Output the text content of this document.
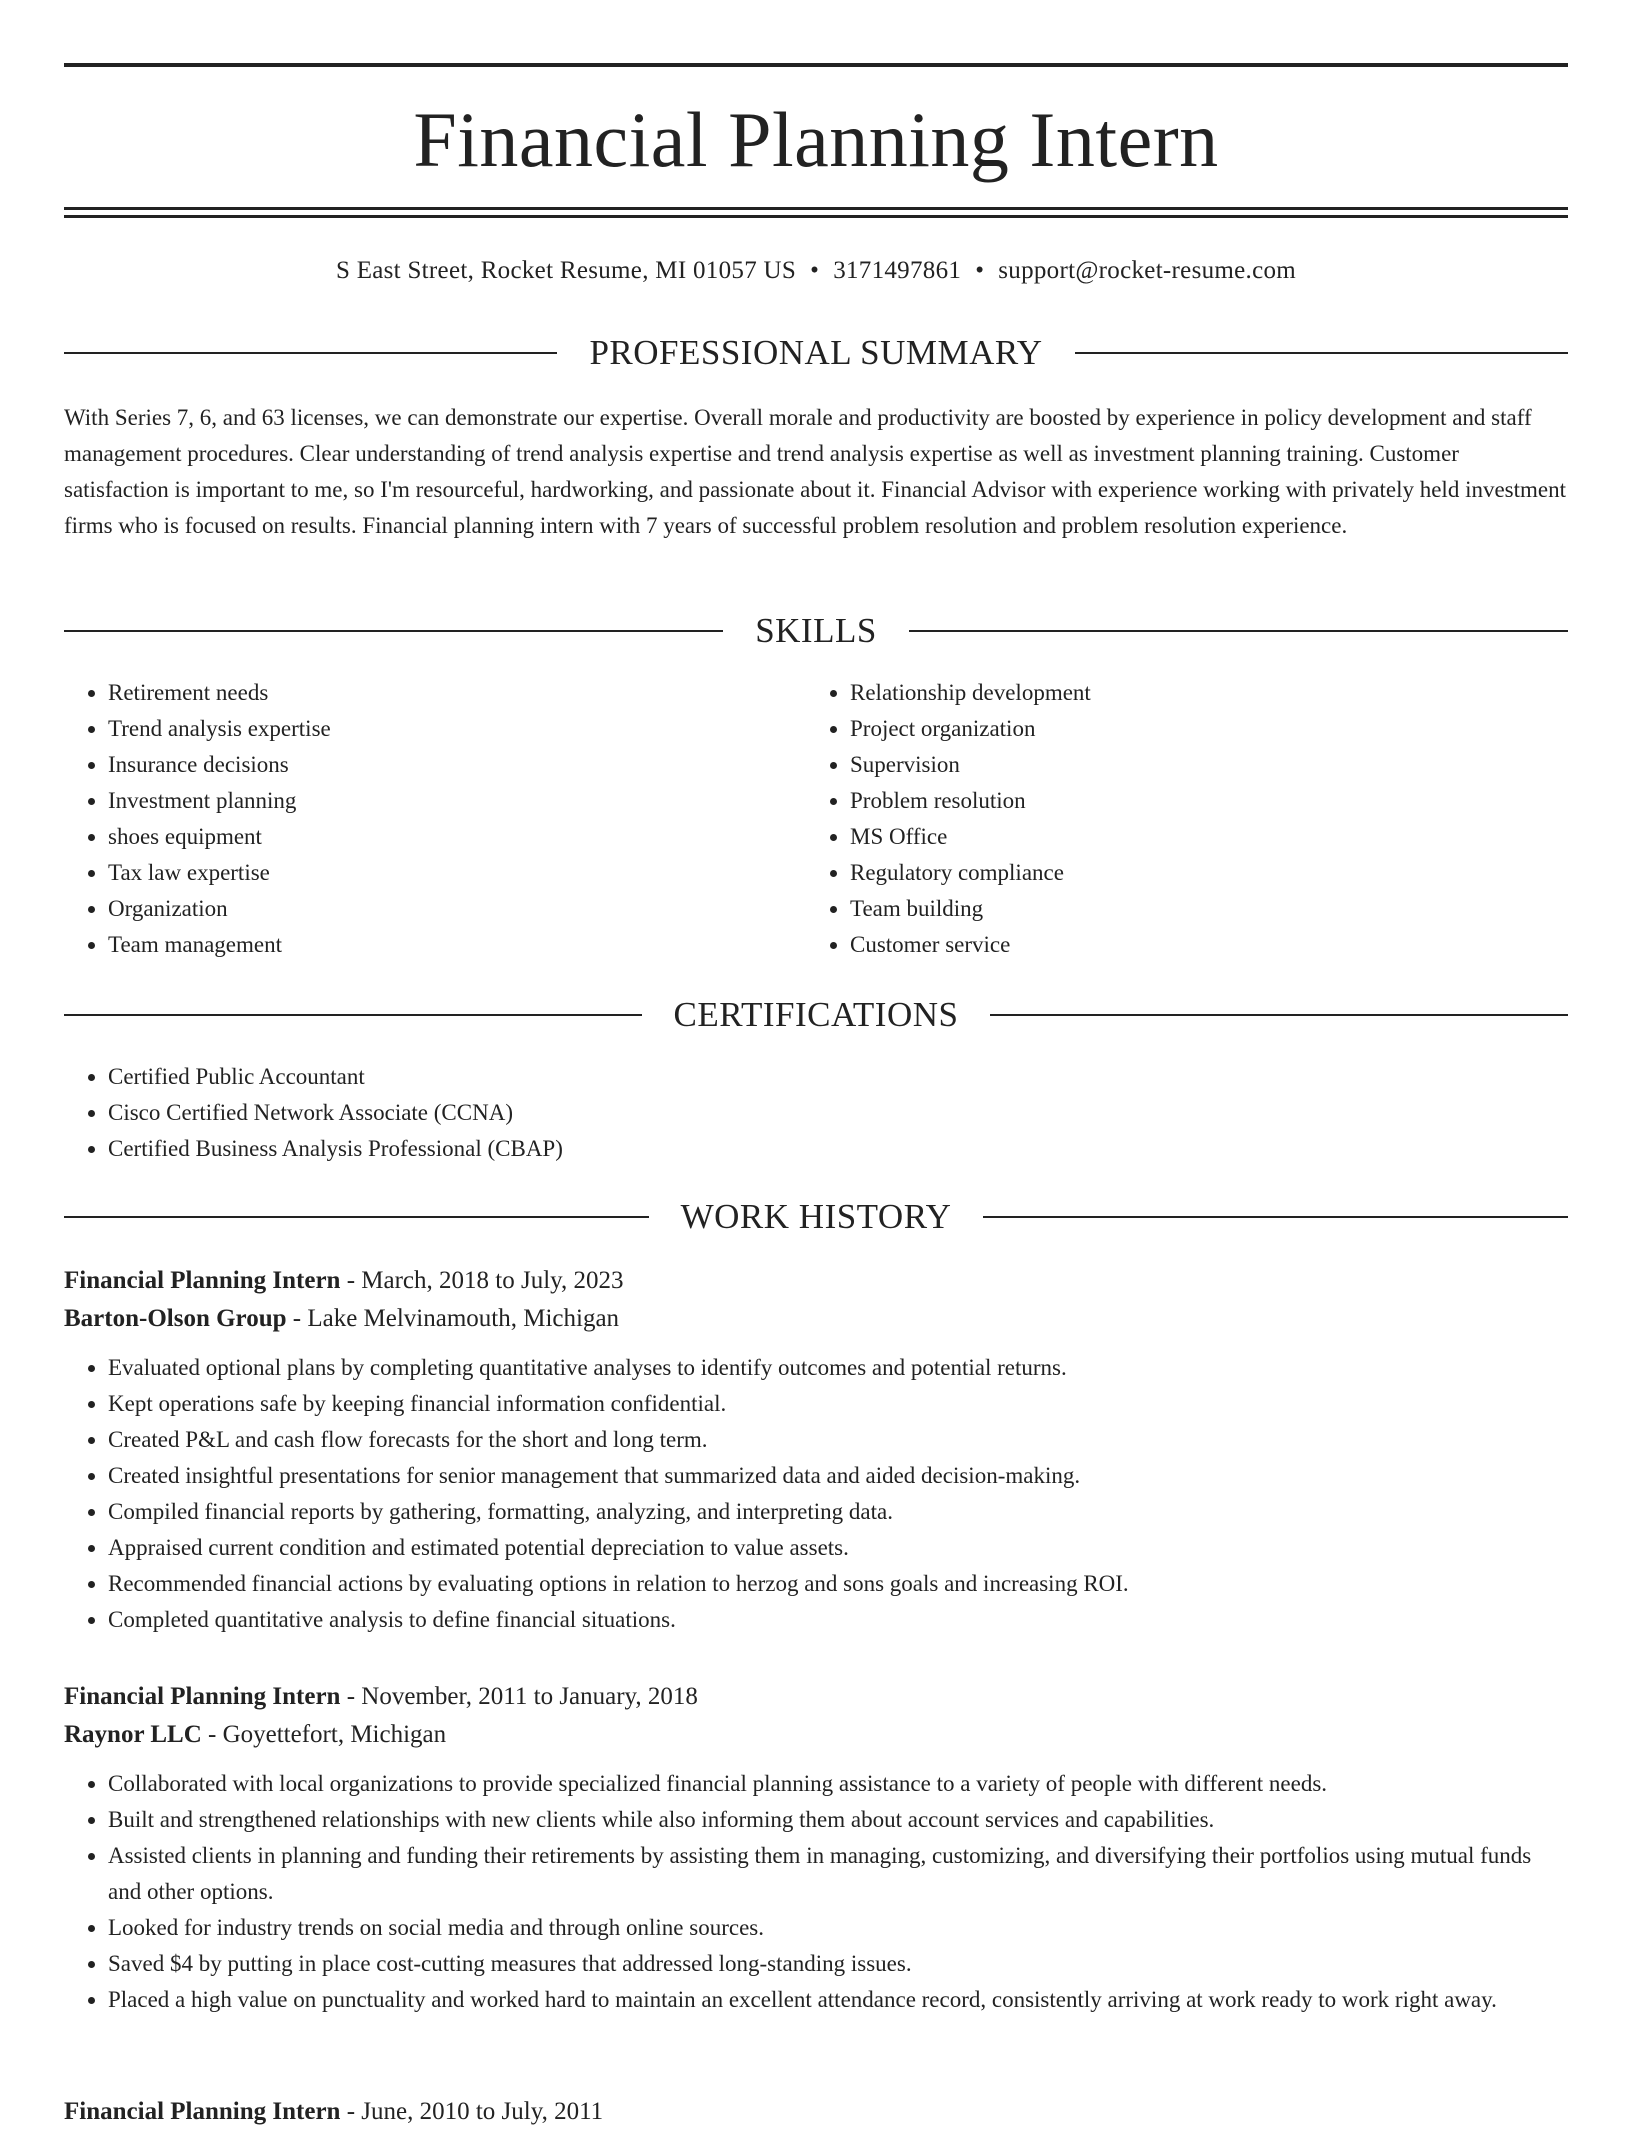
Financial Planning Intern
S East Street, Rocket Resume, MI 01057 US • 3171497861 • support@rocket-resume.com
PROFESSIONAL SUMMARY

With Series 7, 6, and 63 licenses, we can demonstrate our expertise. Overall morale and productivity are boosted by experience in policy development and staff management procedures. Clear understanding of trend analysis expertise and trend analysis expertise as well as investment planning training. Customer satisfaction is important to me, so I'm resourceful, hardworking, and passionate about it. Financial Advisor with experience working with privately held investment firms who is focused on results. Financial planning intern with 7 years of successful problem resolution and problem resolution experience.

SKILLS
• Retirement needs
• Trend analysis expertise
• Insurance decisions
• Investment planning
• shoes equipment
• Tax law expertise
• Organization
• Team management
• Relationship development
• Project organization
• Supervision
• Problem resolution
• MS Office
• Regulatory compliance
• Team building
• Customer service
CERTIFICATIONS
• Certified Public Accountant
• Cisco Certified Network Associate (CCNA)
• Certified Business Analysis Professional (CBAP)
WORK HISTORY

Financial Planning Intern - March, 2018 to July, 2023

Barton-Olson Group - Lake Melvinamouth, Michigan

• Evaluated optional plans by completing quantitative analyses to identify outcomes and potential returns.
• Kept operations safe by keeping financial information confidential.
• Created P&L and cash flow forecasts for the short and long term.
• Created insightful presentations for senior management that summarized data and aided decision-making.
• Compiled financial reports by gathering, formatting, analyzing, and interpreting data.
• Appraised current condition and estimated potential depreciation to value assets.
• Recommended financial actions by evaluating options in relation to herzog and sons goals and increasing ROI.
• Completed quantitative analysis to define financial situations.

Financial Planning Intern - November, 2011 to January, 2018

Raynor LLC - Goyettefort, Michigan

• Collaborated with local organizations to provide specialized financial planning assistance to a variety of people with different needs.
• Built and strengthened relationships with new clients while also informing them about account services and capabilities.
• Assisted clients in planning and funding their retirements by assisting them in managing, customizing, and diversifying their portfolios using mutual funds and other options.
• Looked for industry trends on social media and through online sources.
• Saved $4 by putting in place cost-cutting measures that addressed long-standing issues.
• Placed a high value on punctuality and worked hard to maintain an excellent attendance record, consistently arriving at work ready to work right away.

Financial Planning Intern - June, 2010 to July, 2011
